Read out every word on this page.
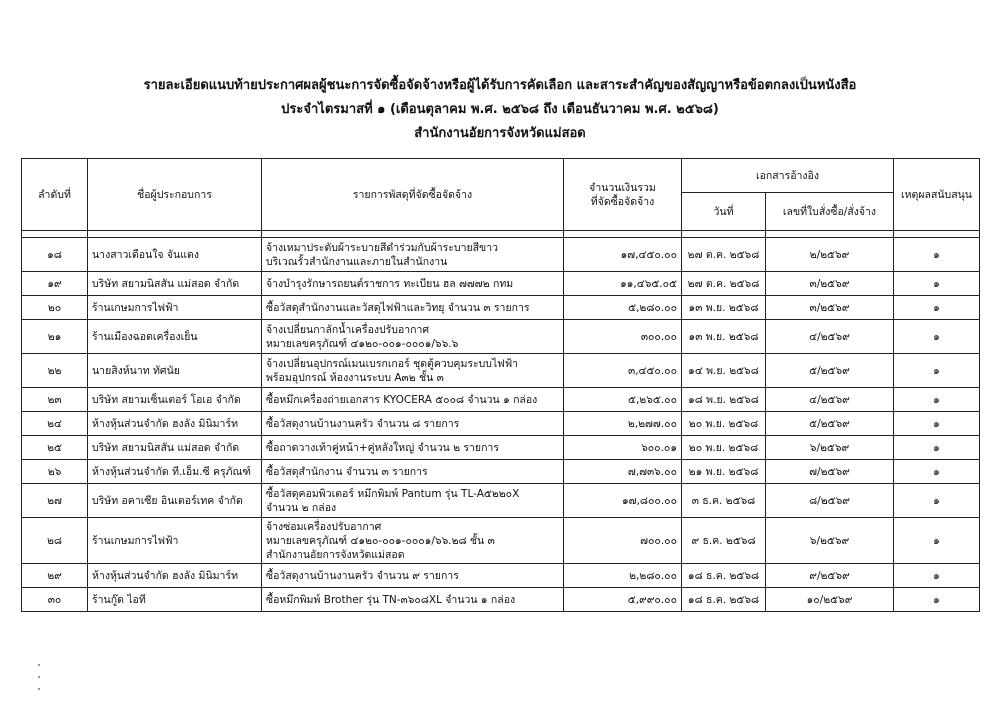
รายละเอียดแนบท้ายประกาศผลผู้ชนะการจัดซื้อจัดจ้างหรือผู้ได้รับการคัดเลือก และสาระสำคัญของสัญญาหรือข้อตกลงเป็นหนังสือ
ประจำไตรมาสที่ ๑ (เดือนตุลาคม พ.ศ. ๒๕๖๘ ถึง เดือนธันวาคม พ.ศ. ๒๕๖๘)
สำนักงานอัยการจังหวัดแม่สอด
ลำดับที่	ชื่อผู้ประกอบการ	รายการพัสดุที่จัดซื้อจัดจ้าง	จำนวนเงินรวม
ที่จัดซื้อจัดจ้าง	เอกสารอ้างอิง		เหตุผลสนับสนุน
				วันที่	เลขที่ใบสั่งซื้อ/สั่งจ้าง	

๑๘	นางสาวเดือนใจ จันแดง	จ้างเหมาประดับผ้าระบายสีดำร่วมกับผ้าระบายสีขาว
บริเวณรั้วสำนักงานและภายในสำนักงาน	๑๗,๔๕๐.๐๐	๒๗ ต.ค. ๒๕๖๘	๒/๒๕๖๙	๑
๑๙	บริษัท สยามนิสสัน แม่สอด จำกัด	จ้างบำรุงรักษารถยนต์ราชการ ทะเบียน ฮล ๗๗๗๒ กทม	๑๑,๔๖๕.๐๕	๒๗ ต.ค. ๒๕๖๘	๓/๒๕๖๙	๑
๒๐	ร้านเกษมการไฟฟ้า	ซื้อวัสดุสำนักงานและวัสดุไฟฟ้าและวิทยุ จำนวน ๓ รายการ	๕,๒๘๐.๐๐	๑๓ พ.ย. ๒๕๖๘	๓/๒๕๖๙	๑
๒๑	ร้านเมืองฉอดเครื่องเย็น	จ้างเปลี่ยนกาลักน้ำเครื่องปรับอากาศ
หมายเลขครุภัณฑ์ ๔๑๒๐-๐๐๑-๐๐๐๑/๖๖.๖	๓๐๐.๐๐	๑๓ พ.ย. ๒๕๖๘	๔/๒๕๖๙	๑
๒๒	นายสิงห์นาท ทัศนัย	จ้างเปลี่ยนอุปกรณ์เมนเบรกเกอร์ ชุดตู้ควบคุมระบบไฟฟ้า
พร้อมอุปกรณ์ ห้องงานระบบ A๓๒ ชั้น ๓	๓,๔๕๐.๐๐	๑๔ พ.ย. ๒๕๖๘	๕/๒๕๖๙	๑
๒๓	บริษัท สยามเซ็นเตอร์ โอเอ จำกัด	ซื้อหมึกเครื่องถ่ายเอกสาร KYOCERA ๕๐๐๘ จำนวน ๑ กล่อง	๕,๒๖๕.๐๐	๑๘ พ.ย. ๒๕๖๘	๔/๒๕๖๙	๑
๒๔	ห้างหุ้นส่วนจำกัด ฮงลัง มินิมาร์ท	ซื้อวัสดุงานบ้านงานครัว จำนวน ๘ รายการ	๒,๒๗๗.๐๐	๒๐ พ.ย. ๒๕๖๘	๕/๒๕๖๙	๑
๒๕	บริษัท สยามนิสสัน แม่สอด จำกัด	ซื้อถาดวางเท้าคู่หน้า+คู่หลังใหญ่ จำนวน ๒ รายการ	๖๐๐.๐๑	๒๐ พ.ย. ๒๕๖๘	๖/๒๕๖๙	๑
๒๖	ห้างหุ้นส่วนจำกัด ที.เอ็ม.ซี ครุภัณฑ์	ซื้อวัสดุสำนักงาน จำนวน ๓ รายการ	๗,๗๓๖.๐๐	๒๑ พ.ย. ๒๕๖๘	๗/๒๕๖๙	๑
๒๗	บริษัท อคาเซีย อินเตอร์เทค จำกัด	ซื้อวัสดุคอมพิวเตอร์ หมึกพิมพ์ Pantum รุ่น TL-A๕๒๒๐X
จำนวน ๒ กล่อง	๑๗,๘๐๐.๐๐	๓ ธ.ค. ๒๕๖๘	๘/๒๕๖๙	๑
๒๘	ร้านเกษมการไฟฟ้า	จ้างซ่อมเครื่องปรับอากาศ
หมายเลขครุภัณฑ์ ๔๑๒๐-๐๐๑-๐๐๐๑/๖๖.๒๘ ชั้น ๓
สำนักงานอัยการจังหวัดแม่สอด	๗๐๐.๐๐	๙ ธ.ค. ๒๕๖๘	๖/๒๕๖๙	๑
๒๙	ห้างหุ้นส่วนจำกัด ฮงลัง มินิมาร์ท	ซื้อวัสดุงานบ้านงานครัว จำนวน ๙ รายการ	๒,๒๘๐.๐๐	๑๘ ธ.ค. ๒๕๖๘	๙/๒๕๖๙	๑
๓๐	ร้านกู๊ด ไอที	ซื้อหมึกพิมพ์ Brother รุ่น TN-๓๖๐๘XL จำนวน ๑ กล่อง	๕,๙๙๐.๐๐	๑๘ ธ.ค. ๒๕๖๘	๑๐/๒๕๖๙	๑
